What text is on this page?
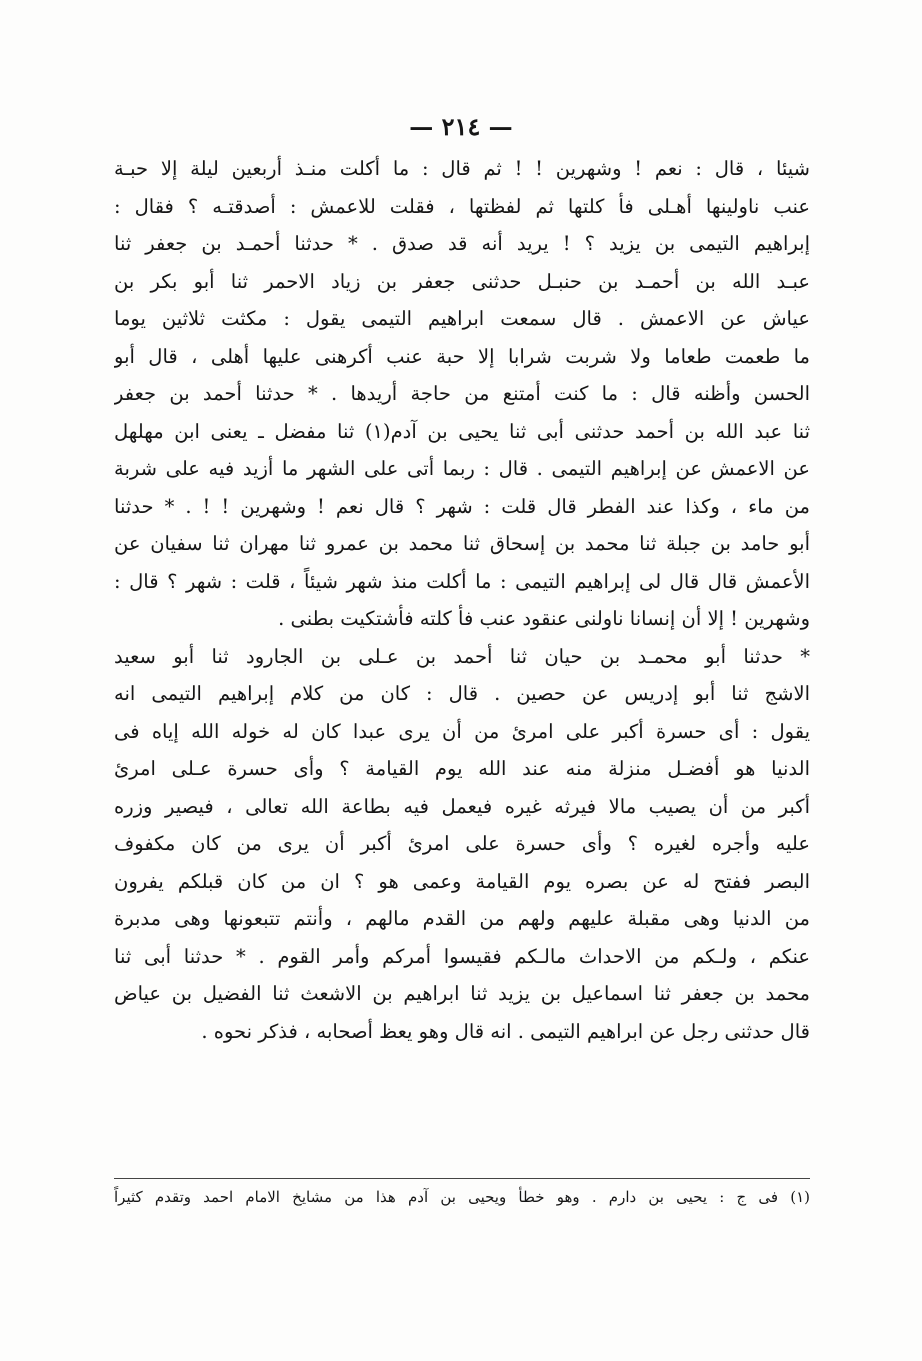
— ٢١٤ —
شيئا ، قال : نعم ! وشهرين ! ! ثم قال : ما أكلت منـذ أربعين ليلة إلا حبـة
عنب ناولينها أهـلى فأ كلتها ثم لفظتها ، فقلت للاعمش : أصدقتـه ؟ فقال :
إبراهيم التيمى بن يزيد ؟ ! يريد أنه قد صدق . * حدثنا أحمـد بن جعفر ثنا
عبـد الله بن أحمـد بن حنبـل حدثنى جعفر بن زياد الاحمر ثنا أبو بكر بن
عياش عن الاعمش . قال سمعت ابراهيم التيمى يقول : مكثت ثلاثين يوما
ما طعمت طعاما ولا شربت شرابا إلا حبة عنب أكرهنى عليها أهلى ، قال أبو
الحسن وأظنه قال : ما كنت أمتنع من حاجة أريدها . * حدثنا أحمد بن جعفر
ثنا عبد الله بن أحمد حدثنى أبى ثنا يحيى بن آدم(١) ثنا مفضل ـ يعنى ابن مهلهل
عن الاعمش عن إبراهيم التيمى . قال : ربما أتى على الشهر ما أزيد فيه على شربة
من ماء ، وكذا عند الفطر قال قلت : شهر ؟ قال نعم ! وشهرين ! ! . * حدثنا
أبو حامد بن جبلة ثنا محمد بن إسحاق ثنا محمد بن عمرو ثنا مهران ثنا سفيان عن
الأعمش قال قال لى إبراهيم التيمى : ما أكلت منذ شهر شيئاً ، قلت : شهر ؟ قال :
وشهرين ! إلا أن إنسانا ناولنى عنقود عنب فأ كلته فأشتكيت بطنى .
* حدثنا أبو محمـد بن حيان ثنا أحمد بن عـلى بن الجارود ثنا أبو سعيد
الاشج ثنا أبو إدريس عن حصين . قال : كان من كلام إبراهيم التيمى انه
يقول : أى حسرة أكبر على امرئ من أن يرى عبدا كان له خوله الله إياه فى
الدنيا هو أفضـل منزلة منه عند الله يوم القيامة ؟ وأى حسرة عـلى امرئ
أكبر من أن يصيب مالا فيرثه غيره فيعمل فيه بطاعة الله تعالى ، فيصير وزره
عليه وأجره لغيره ؟ وأى حسرة على امرئ أكبر أن يرى من كان مكفوف
البصر ففتح له عن بصره يوم القيامة وعمى هو ؟ ان من كان قبلكم يفرون
من الدنيا وهى مقبلة عليهم ولهم من القدم مالهم ، وأنتم تتبعونها وهى مدبرة
عنكم ، ولـكم من الاحداث مالـكم فقيسوا أمركم وأمر القوم . * حدثنا أبى ثنا
محمد بن جعفر ثنا اسماعيل بن يزيد ثنا ابراهيم بن الاشعث ثنا الفضيل بن عياض
قال حدثنى رجل عن ابراهيم التيمى . انه قال وهو يعظ أصحابه ، فذكر نحوه .
(١) فى ج : يحيى بن دارم . وهو خطأ ويحيى بن آدم هذا من مشايخ الامام احمد وتقدم كثيراً
